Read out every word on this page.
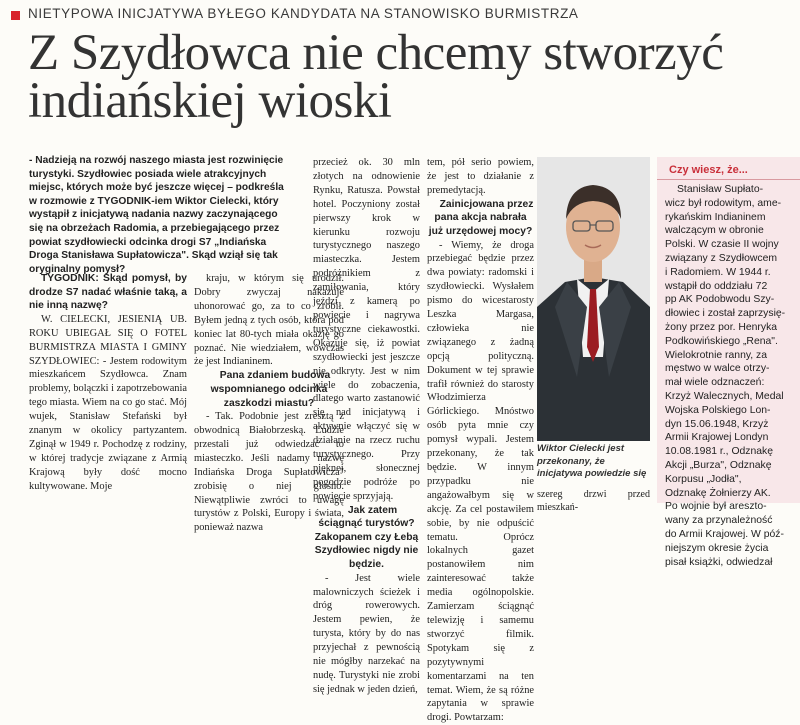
NIETYPOWA INICJATYWA BYŁEGO KANDYDATA NA STANOWISKO BURMISTRZA
Z Szydłowca nie chcemy stworzyć
indiańskiej wioski
- Nadzieją na rozwój naszego miasta jest rozwinięcie
turystyki. Szydłowiec posiada wiele atrakcyjnych
miejsc, których może być jeszcze więcej – podkreśla
w rozmowie z TYGODNIK-iem Wiktor Cielecki, który
wystąpił z inicjatywą nadania nazwy zaczynającego
się na obrzeżach Radomia, a przebiegającego przez
powiat szydłowiecki odcinka drogi S7 „Indiańska
Droga Stanisława Supłatowicza". Skąd wziął się tak
oryginalny pomysł?

TYGODNIK: Skąd pomysł, by drodze S7 nadać właśnie taką, a nie inną nazwę?

W. CIELECKI, JESIENIĄ UB. ROKU UBIEGAŁ SIĘ O FOTEL BURMISTRZA MIASTA I GMINY SZYDŁOWIEC: - Jestem rodowitym mieszkańcem Szydłowca. Znam problemy, bolączki i zapotrzebowania tego miasta. Wiem na co go stać. Mój wujek, Stanisław Stefański był znanym w okolicy partyzantem. Zginął w 1949 r. Pochodzę z rodziny, w której tradycje związane z Armią Krajową były dość mocno kultywowane. Moje

kraju, w którym się urodził. Dobry zwyczaj nakazuje uhonorować go, za to co zrobił. Byłem jedną z tych osób, która pod koniec lat 80-tych miała okazję go poznać. Nie wiedziałem, wówczas że jest Indianinem.

Pana zdaniem budowa wspomnianego odcinka zaszkodzi miastu?

- Tak. Podobnie jest zresztą z obwodnicą Białobrzeską. Ludzie przestali już odwiedzać to miasteczko. Jeśli nadamy nazwę Indiańska Droga Supłatowicza" zrobisię o niej głośno. Niewątpliwie zwróci to uwagę turystów z Polski, Europy i świata, ponieważ nazwa

tem, pół serio powiem, że jest to działanie z premedytacją.

Zainicjowana przez pana akcja nabrała już urzędowej mocy?

- Wiemy, że droga przebiegać będzie przez dwa powiaty: radomski i szydłowiecki. Wysłałem pismo do wicestarosty Leszka Margasa, człowieka nie związanego z żadną opcją polityczną. Dokument w tej sprawie trafił również do starosty Włodzimierza Górlickiego. Mnóstwo osób pyta mnie czy pomysł wypali. Jestem przekonany, że tak będzie. W innym przypadku nie angażowałbym się w akcję. Za cel postawiłem sobie, by nie odpuścić tematu. Oprócz lokalnych gazet postanowiłem nim zainteresować także media ogólnopolskie. Zamierzam ściągnąć telewizję i samemu stworzyć filmik. Spotykam się z pozytywnymi komentarzami na ten temat. Wiem, że są różne zapytania w sprawie drogi. Powtarzam:

przecież ok. 30 mln złotych na odnowienie Rynku, Ratusza. Powstał hotel. Poczyniony został pierwszy krok w kierunku rozwoju turystycznego naszego miasteczka. Jestem podróżnikiem z zamiłowania, który jeździ z kamerą po powiecie i nagrywa turystyczne ciekawostki. Okazuje się, iż powiat szydłowiecki jest jeszcze nie odkryty. Jest w nim wiele do zobaczenia, dlatego warto zastanowić się nad inicjatywą i aktywnie włączyć się w działanie na rzecz ruchu turystycznego. Przy pięknej, słonecznej pogodzie podróże po powiecie sprzyjają.

Jak zatem ściągnąć turystów? Zakopanem czy Łebą Szydłowiec nigdy nie będzie.

- Jest wiele malowniczych ścieżek i dróg rowerowych. Jestem pewien, że turysta, który by do nas przyjechał z pewnością nie mógłby narzekać na nudę. Turystyki nie zrobi się jednak w jeden dzień,

Wiktor Cielecki jest przekonany, że inicjatywa powiedzie się
szereg drzwi przed mieszkań-
Czy wiesz, że...
Stanisław Supłato-
wicz był rodowitym, ame-
rykańskim Indianinem
walczącym w obronie
Polski. W czasie II wojny
związany z Szydłowcem
i Radomiem. W 1944 r.
wstąpił do oddziału 72
pp AK Podobwodu Szy-
dłowiec i został zaprzysię-
żony przez por. Henryka
Podkowińskiego „Rena".
Wielokrotnie ranny, za
męstwo w walce otrzy-
mał wiele odznaczeń:
Krzyż Walecznych, Medal
Wojska Polskiego Lon-
dyn 15.06.1948, Krzyż
Armii Krajowej Londyn
10.08.1981 r., Odznakę
Akcji „Burza", Odznakę
Korpusu „Jodła",
Odznakę Żołnierzy AK.
Po wojnie był areszto-
wany za przynależność
do Armii Krajowej. W póź-
niejszym okresie życia
pisał książki, odwiedzał
